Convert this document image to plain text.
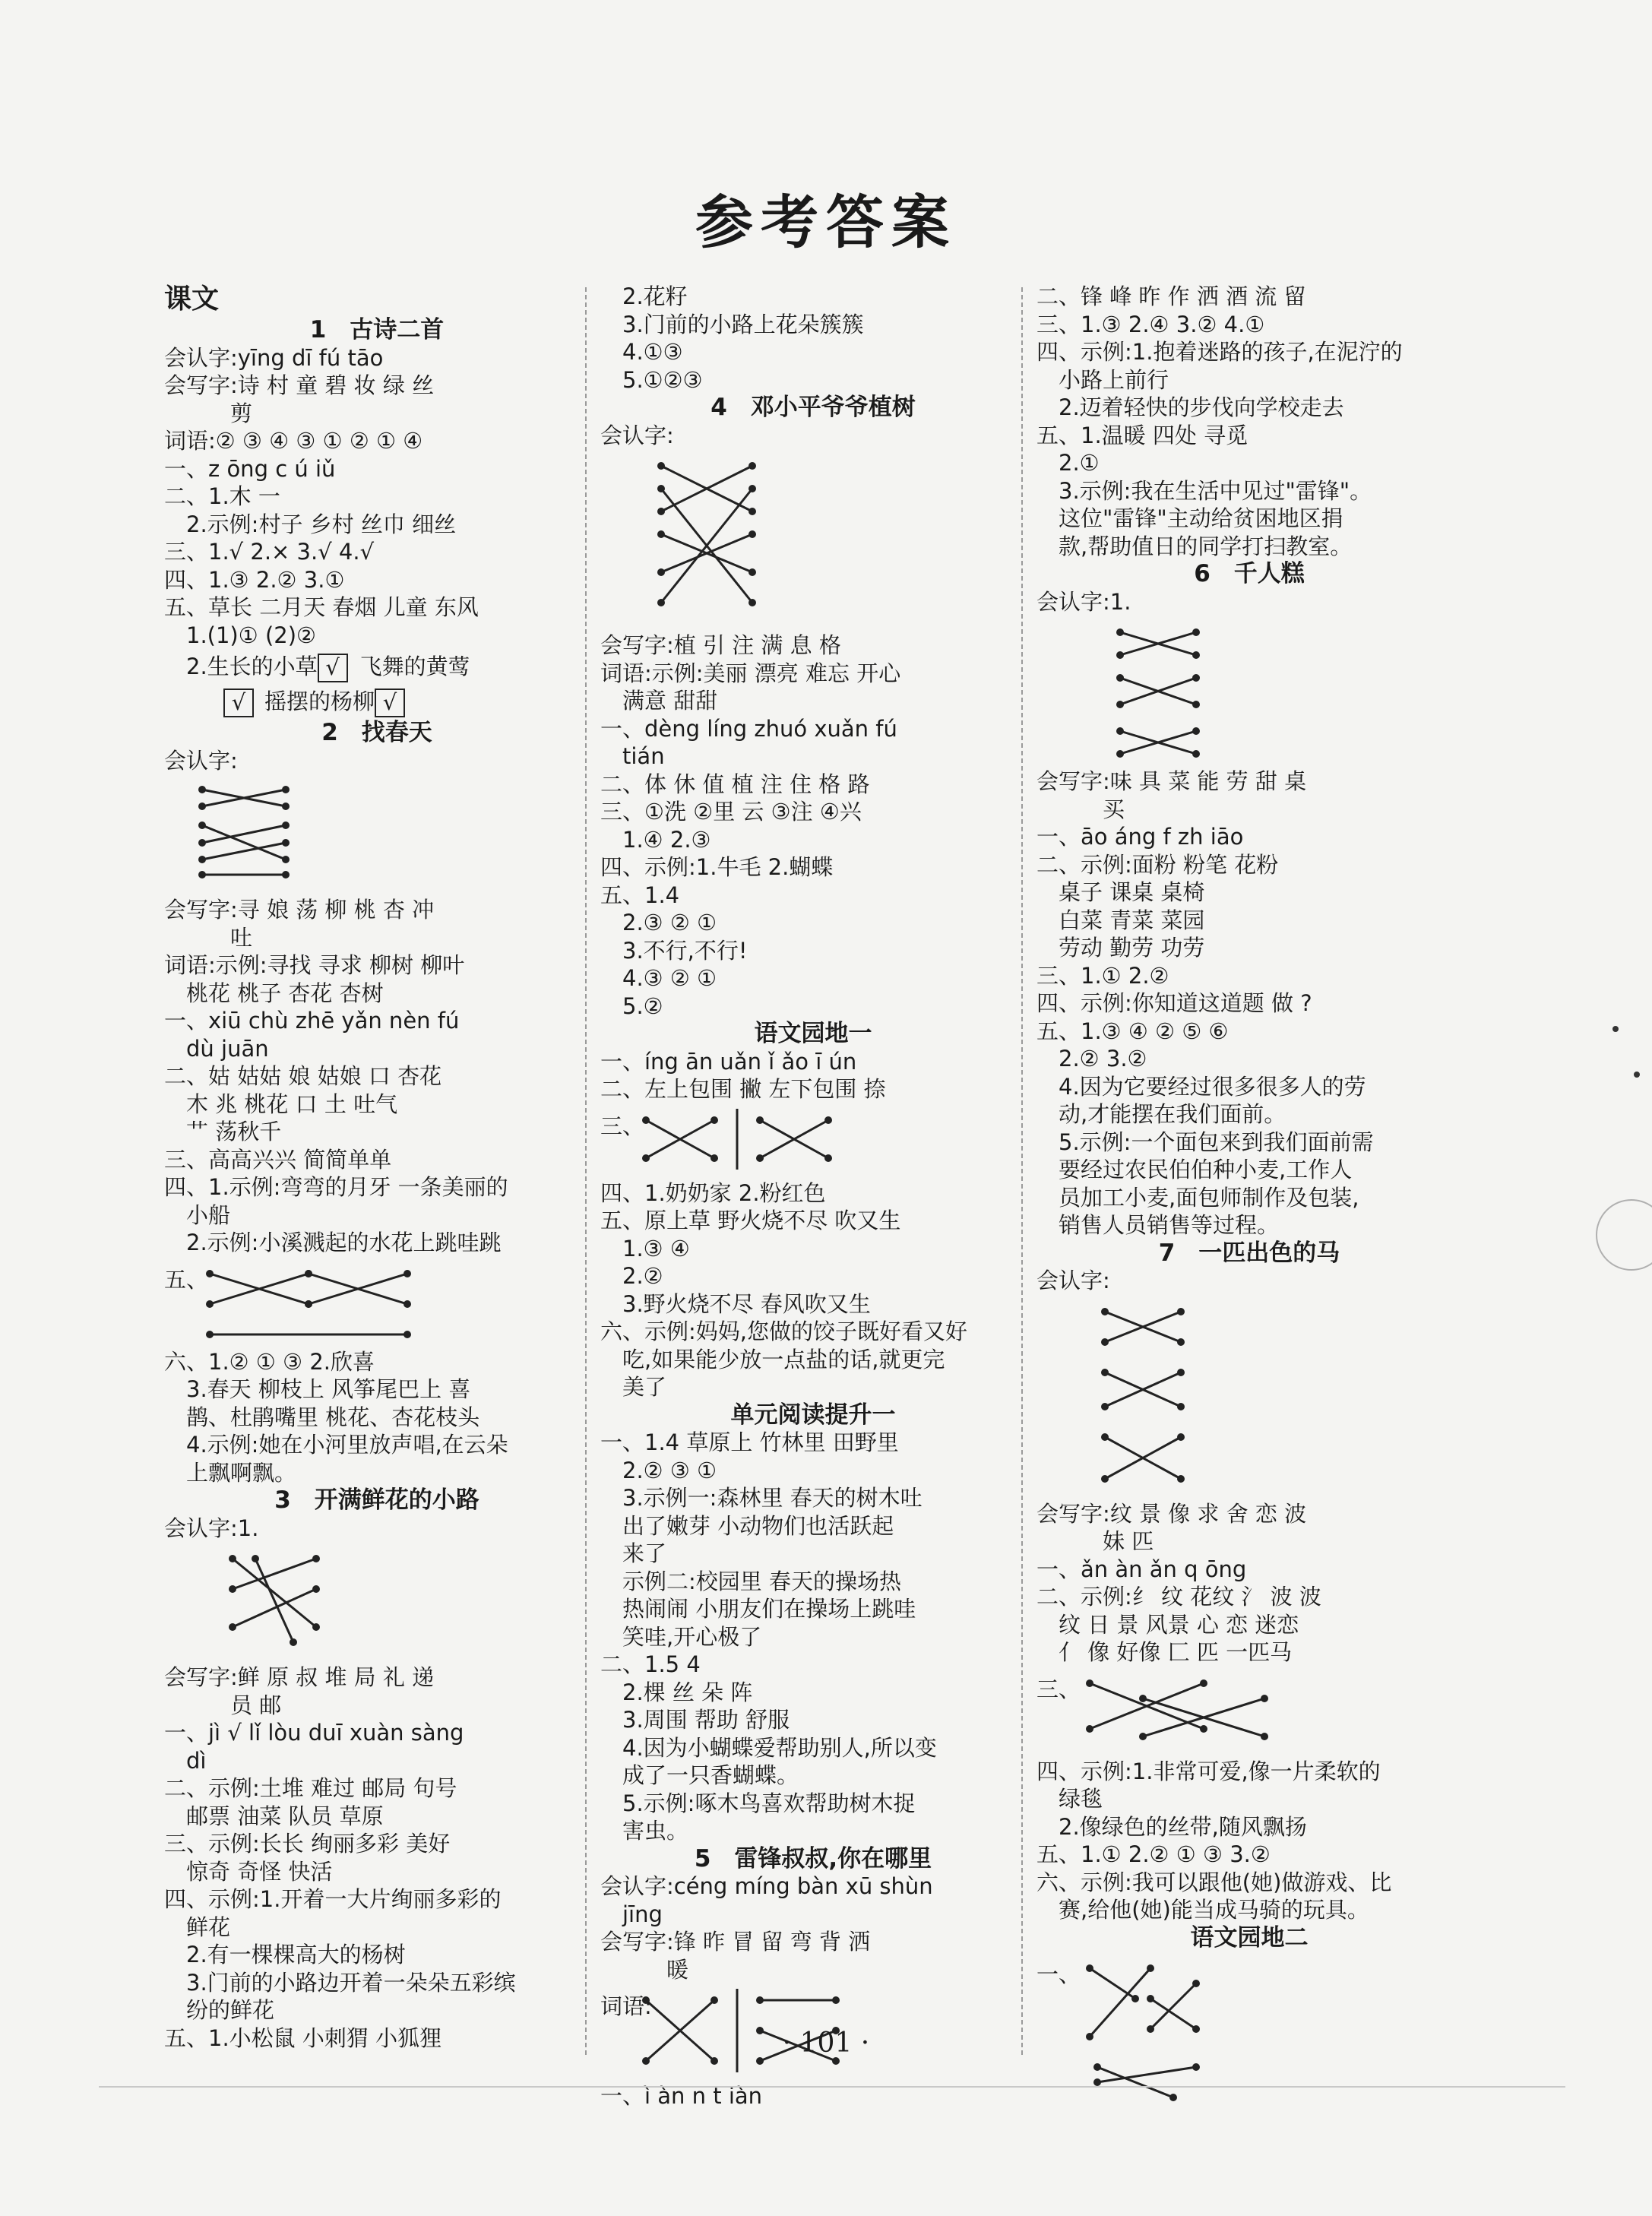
参考答案
课文
1　古诗二首
会认字:yīng dī fú tāo
会写字:诗 村 童 碧 妆 绿 丝
　　　剪
词语:② ③ ④ ③ ① ② ① ④
一、z ōng c ú iǔ
二、1.木 一
　2.示例:村子 乡村 丝巾 细丝
三、1.√ 2.× 3.√ 4.√
四、1.③ 2.② 3.①
五、草长 二月天 春烟 儿童 东风
　1.(1)① (2)②
　2.生长的小草 √ 飞舞的黄莺
√ 摇摆的杨柳 √
2　找春天
会认字:
会写字:寻 娘 荡 柳 桃 杏 冲
　　　吐
词语:示例:寻找 寻求 柳树 柳叶
　桃花 桃子 杏花 杏树
一、xiū chù zhē yǎn nèn fú
　dù juān
二、姑 姑姑 娘 姑娘 口 杏花
　木 兆 桃花 口 土 吐气
　艹 荡秋千
三、高高兴兴 简简单单
四、1.示例:弯弯的月牙 一条美丽的
　小船
　2.示例:小溪溅起的水花上跳哇跳
五、
六、1.② ① ③ 2.欣喜
　3.春天 柳枝上 风筝尾巴上 喜
　鹊、杜鹃嘴里 桃花、杏花枝头
　4.示例:她在小河里放声唱,在云朵
　上飘啊飘。
3　开满鲜花的小路
会认字:1.
会写字:鲜 原 叔 堆 局 礼 递
　　　员 邮
一、jì √ lǐ lòu duī xuàn sàng
　dì
二、示例:土堆 难过 邮局 句号
　邮票 油菜 队员 草原
三、示例:长长 绚丽多彩 美好
　惊奇 奇怪 快活
四、示例:1.开着一大片绚丽多彩的
　鲜花
　2.有一棵棵高大的杨树
　3.门前的小路边开着一朵朵五彩缤
　纷的鲜花
五、1.小松鼠 小刺猬 小狐狸
　2.花籽
　3.门前的小路上花朵簇簇
　4.①③
　5.①②③
4　邓小平爷爷植树
会认字:
会写字:植 引 注 满 息 格
词语:示例:美丽 漂亮 难忘 开心
　满意 甜甜
一、dèng líng zhuó xuǎn fú
　tián
二、体 休 值 植 注 住 格 路
三、①洗 ②里 云 ③注 ④兴
　1.④ 2.③
四、示例:1.牛毛 2.蝴蝶
五、1.4
　2.③ ② ①
　3.不行,不行!
　4.③ ② ①
　5.②
语文园地一
一、íng ān uǎn ǐ ǎo ī ún
二、左上包围 撇 左下包围 捺
三、
四、1.奶奶家 2.粉红色
五、原上草 野火烧不尽 吹又生
　1.③ ④
　2.②
　3.野火烧不尽 春风吹又生
六、示例:妈妈,您做的饺子既好看又好
　吃,如果能少放一点盐的话,就更完
　美了
单元阅读提升一
一、1.4 草原上 竹林里 田野里
　2.② ③ ①
　3.示例一:森林里 春天的树木吐
　出了嫩芽 小动物们也活跃起
　来了
　示例二:校园里 春天的操场热
　热闹闹 小朋友们在操场上跳哇
　笑哇,开心极了
二、1.5 4
　2.棵 丝 朵 阵
　3.周围 帮助 舒服
　4.因为小蝴蝶爱帮助别人,所以变
　成了一只香蝴蝶。
　5.示例:啄木鸟喜欢帮助树木捉
　害虫。
5　雷锋叔叔,你在哪里
会认字:céng míng bàn xū shùn
　jīng
会写字:锋 昨 冒 留 弯 背 洒
　　　暖
词语:
一、ì àn n t iàn
二、锋 峰 昨 作 洒 酒 流 留
三、1.③ 2.④ 3.② 4.①
四、示例:1.抱着迷路的孩子,在泥泞的
　小路上前行
　2.迈着轻快的步伐向学校走去
五、1.温暖 四处 寻觅
　2.①
　3.示例:我在生活中见过"雷锋"。
　这位"雷锋"主动给贫困地区捐
　款,帮助值日的同学打扫教室。
6　千人糕
会认字:1.
会写字:味 具 菜 能 劳 甜 桌
　　　买
一、āo áng f zh iāo
二、示例:面粉 粉笔 花粉
　桌子 课桌 桌椅
　白菜 青菜 菜园
　劳动 勤劳 功劳
三、1.① 2.②
四、示例:你知道这道题 做 ?
五、1.③ ④ ② ⑤ ⑥
　2.② 3.②
　4.因为它要经过很多很多人的劳
　动,才能摆在我们面前。
　5.示例:一个面包来到我们面前需
　要经过农民伯伯种小麦,工作人
　员加工小麦,面包师制作及包装,
　销售人员销售等过程。
7　一匹出色的马
会认字:
会写字:纹 景 像 求 舍 恋 波
　　　妹 匹
一、ǎn àn ǎn q ōng
二、示例:纟 纹 花纹 氵 波 波
　纹 日 景 风景 心 恋 迷恋
　亻 像 好像 匚 匹 一匹马
三、
四、示例:1.非常可爱,像一片柔软的
　绿毯
　2.像绿色的丝带,随风飘扬
五、1.① 2.② ① ③ 3.②
六、示例:我可以跟他(她)做游戏、比
　赛,给他(她)能当成马骑的玩具。
语文园地二
一、
· 101 ·
